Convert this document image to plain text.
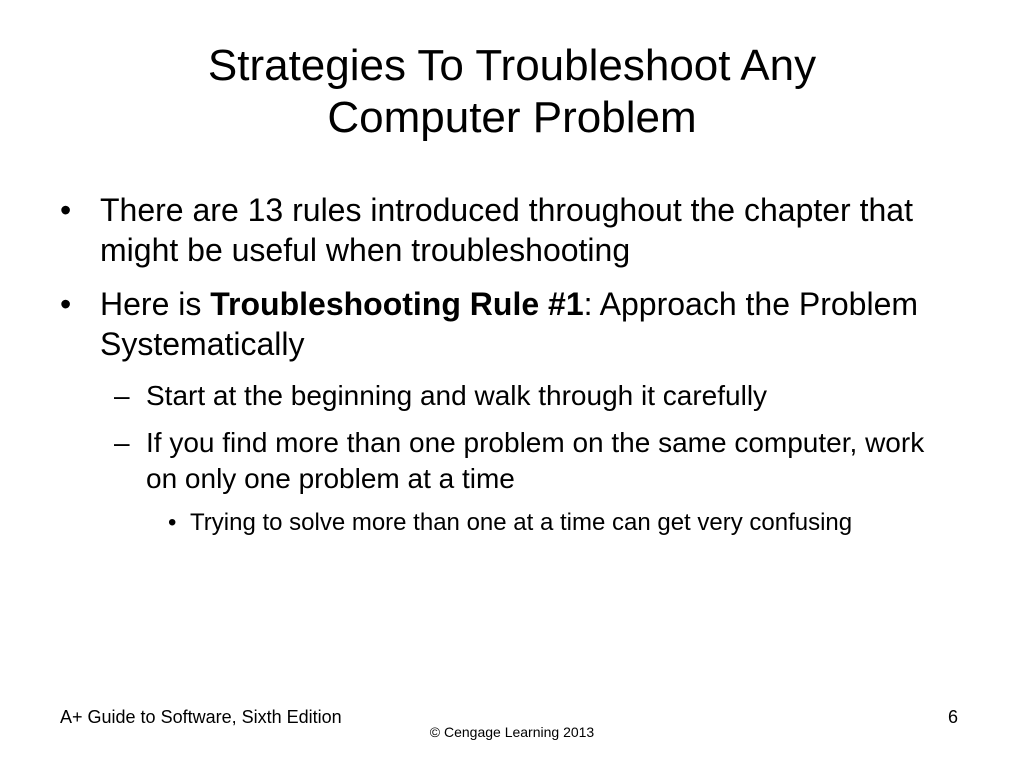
Strategies To Troubleshoot Any Computer Problem
• There are 13 rules introduced throughout the chapter that might be useful when troubleshooting
• Here is Troubleshooting Rule #1: Approach the Problem Systematically
– Start at the beginning and walk through it carefully
– If you find more than one problem on the same computer, work on only one problem at a time
• Trying to solve more than one at a time can get very confusing
A+ Guide to Software, Sixth Edition
© Cengage Learning 2013
6
